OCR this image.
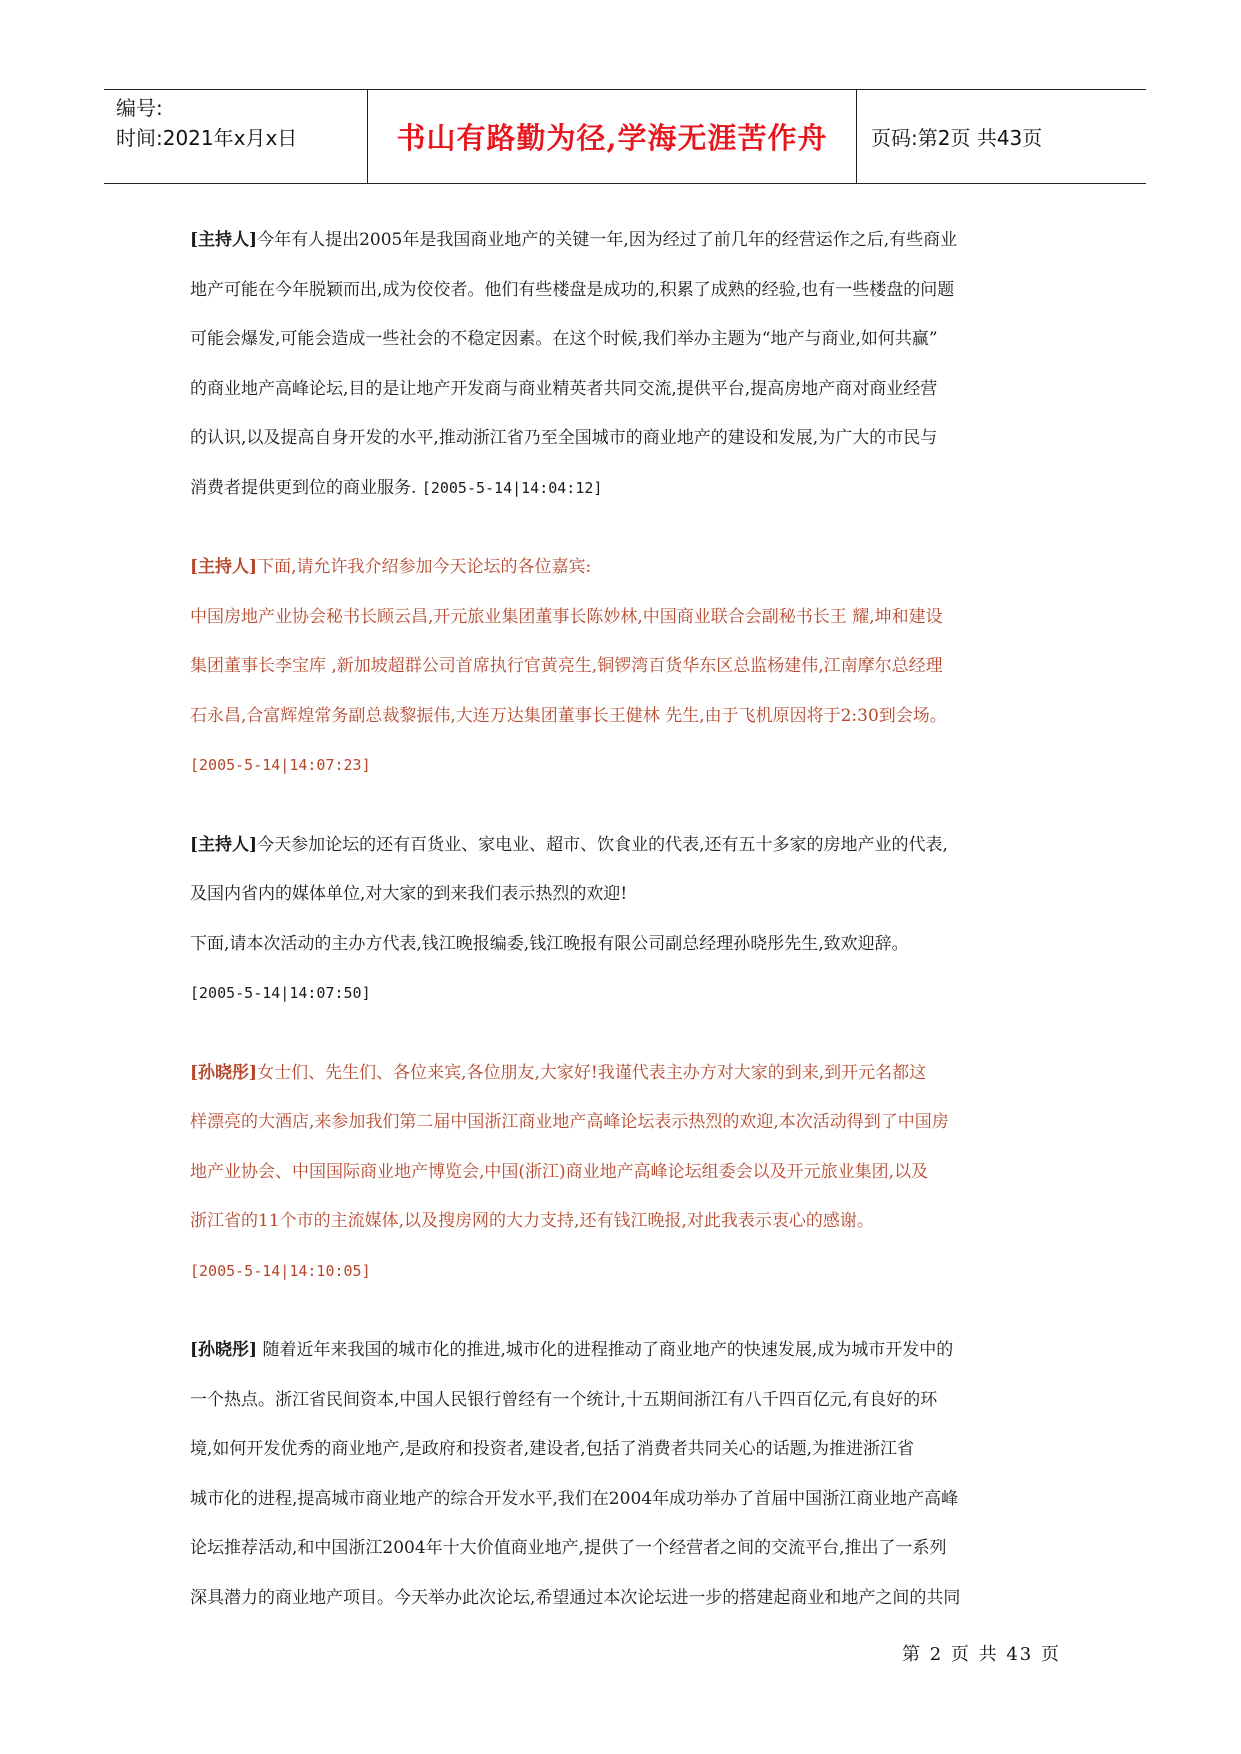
编号:
时间:2021年x月x日	书山有路勤为径,学海无涯苦作舟	页码:第2页 共43页

[主持人]今年有人提出2005年是我国商业地产的关键一年,因为经过了前几年的经营运作之后,有些商业

地产可能在今年脱颖而出,成为佼佼者。他们有些楼盘是成功的,积累了成熟的经验,也有一些楼盘的问题

可能会爆发,可能会造成一些社会的不稳定因素。在这个时候,我们举办主题为“地产与商业,如何共赢”

的商业地产高峰论坛,目的是让地产开发商与商业精英者共同交流,提供平台,提高房地产商对商业经营

的认识,以及提高自身开发的水平,推动浙江省乃至全国城市的商业地产的建设和发展,为广大的市民与

消费者提供更到位的商业服务. [2005-5-14|14:04:12]

[主持人]下面,请允许我介绍参加今天论坛的各位嘉宾:

中国房地产业协会秘书长顾云昌,开元旅业集团董事长陈妙林,中国商业联合会副秘书长王 耀,坤和建设

集团董事长李宝库 ,新加坡超群公司首席执行官黄亮生,铜锣湾百货华东区总监杨建伟,江南摩尔总经理

石永昌,合富辉煌常务副总裁黎振伟,大连万达集团董事长王健林 先生,由于飞机原因将于2:30到会场。

[2005-5-14|14:07:23]

[主持人]今天参加论坛的还有百货业、家电业、超市、饮食业的代表,还有五十多家的房地产业的代表,

及国内省内的媒体单位,对大家的到来我们表示热烈的欢迎!

下面,请本次活动的主办方代表,钱江晚报编委,钱江晚报有限公司副总经理孙晓彤先生,致欢迎辞。

[2005-5-14|14:07:50]

[孙晓彤]女士们、先生们、各位来宾,各位朋友,大家好!我谨代表主办方对大家的到来,到开元名都这

样漂亮的大酒店,来参加我们第二届中国浙江商业地产高峰论坛表示热烈的欢迎,本次活动得到了中国房

地产业协会、中国国际商业地产博览会,中国(浙江)商业地产高峰论坛组委会以及开元旅业集团,以及

浙江省的11个市的主流媒体,以及搜房网的大力支持,还有钱江晚报,对此我表示衷心的感谢。

[2005-5-14|14:10:05]

[孙晓彤] 随着近年来我国的城市化的推进,城市化的进程推动了商业地产的快速发展,成为城市开发中的

一个热点。浙江省民间资本,中国人民银行曾经有一个统计,十五期间浙江有八千四百亿元,有良好的环

境,如何开发优秀的商业地产,是政府和投资者,建设者,包括了消费者共同关心的话题,为推进浙江省

城市化的进程,提高城市商业地产的综合开发水平,我们在2004年成功举办了首届中国浙江商业地产高峰

论坛推荐活动,和中国浙江2004年十大价值商业地产,提供了一个经营者之间的交流平台,推出了一系列

深具潜力的商业地产项目。今天举办此次论坛,希望通过本次论坛进一步的搭建起商业和地产之间的共同

第 2 页 共 43 页
